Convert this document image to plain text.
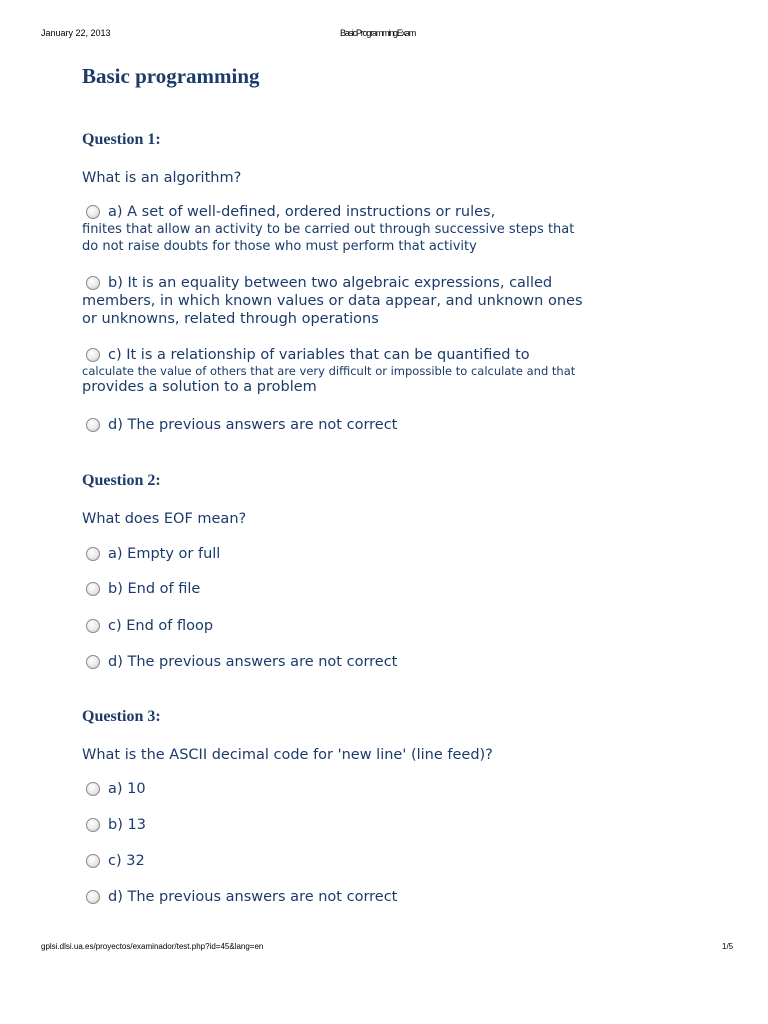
January 22, 2013	BasicProgrammingExam
Basic programming
Question 1:

What is an algorithm?

a) A set of well-defined, ordered instructions or rules,
finites that allow an activity to be carried out through successive steps that
do not raise doubts for those who must perform that activity
b) It is an equality between two algebraic expressions, called
members, in which known values or data appear, and unknown ones
or unknowns, related through operations
c) It is a relationship of variables that can be quantified to
calculate the value of others that are very difficult or impossible to calculate and that
provides a solution to a problem
d) The previous answers are not correct
Question 2:

What does EOF mean?

a) Empty or full
b) End of file
c) End of floop
d) The previous answers are not correct
Question 3:

What is the ASCII decimal code for 'new line' (line feed)?

a) 10
b) 13
c) 32
d) The previous answers are not correct
gplsi.dlsi.ua.es/proyectos/examinador/test.php?id=45&lang=en	1/5
